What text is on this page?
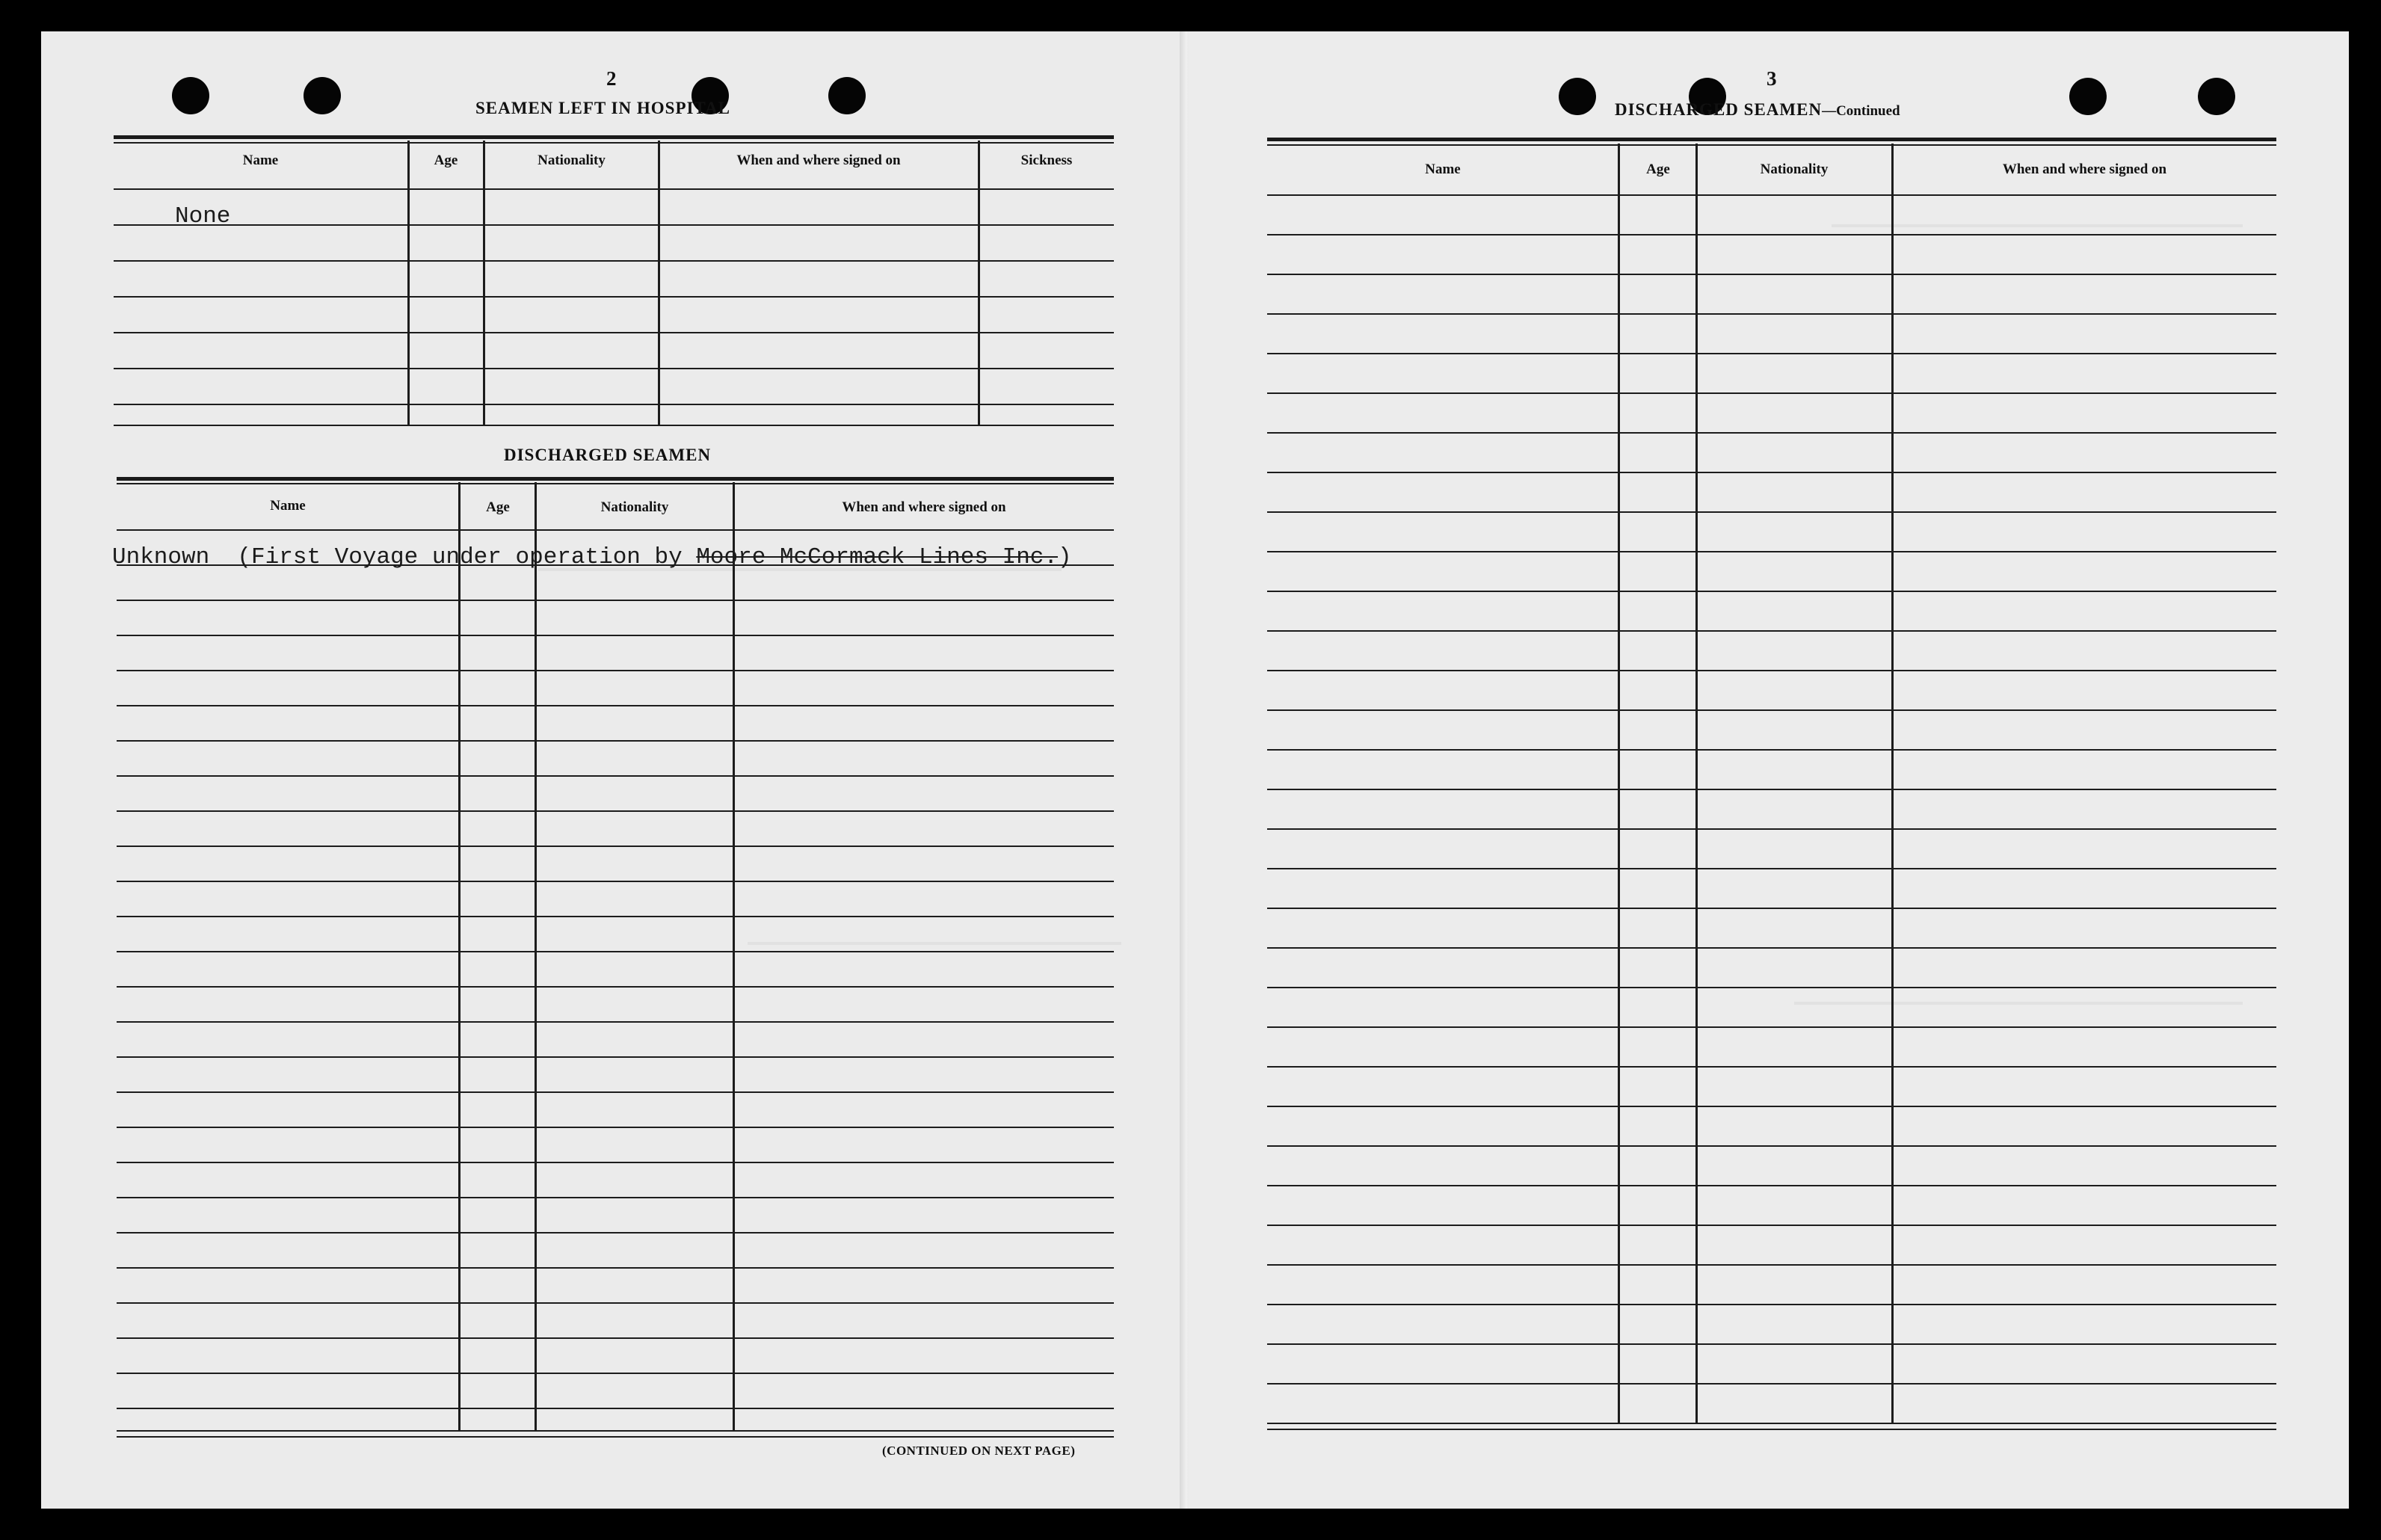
2
SEAMEN LEFT IN HOSPITAL
Name	Age	Nationality	When and where signed on	Sickness
None
DISCHARGED SEAMEN
Name	Age	Nationality	When and where signed on
Unknown  (First Voyage under operation by Moore McCormack Lines Inc.)
(CONTINUED ON NEXT PAGE)
3
DISCHARGED SEAMEN—Continued
Name	Age	Nationality	When and where signed on
